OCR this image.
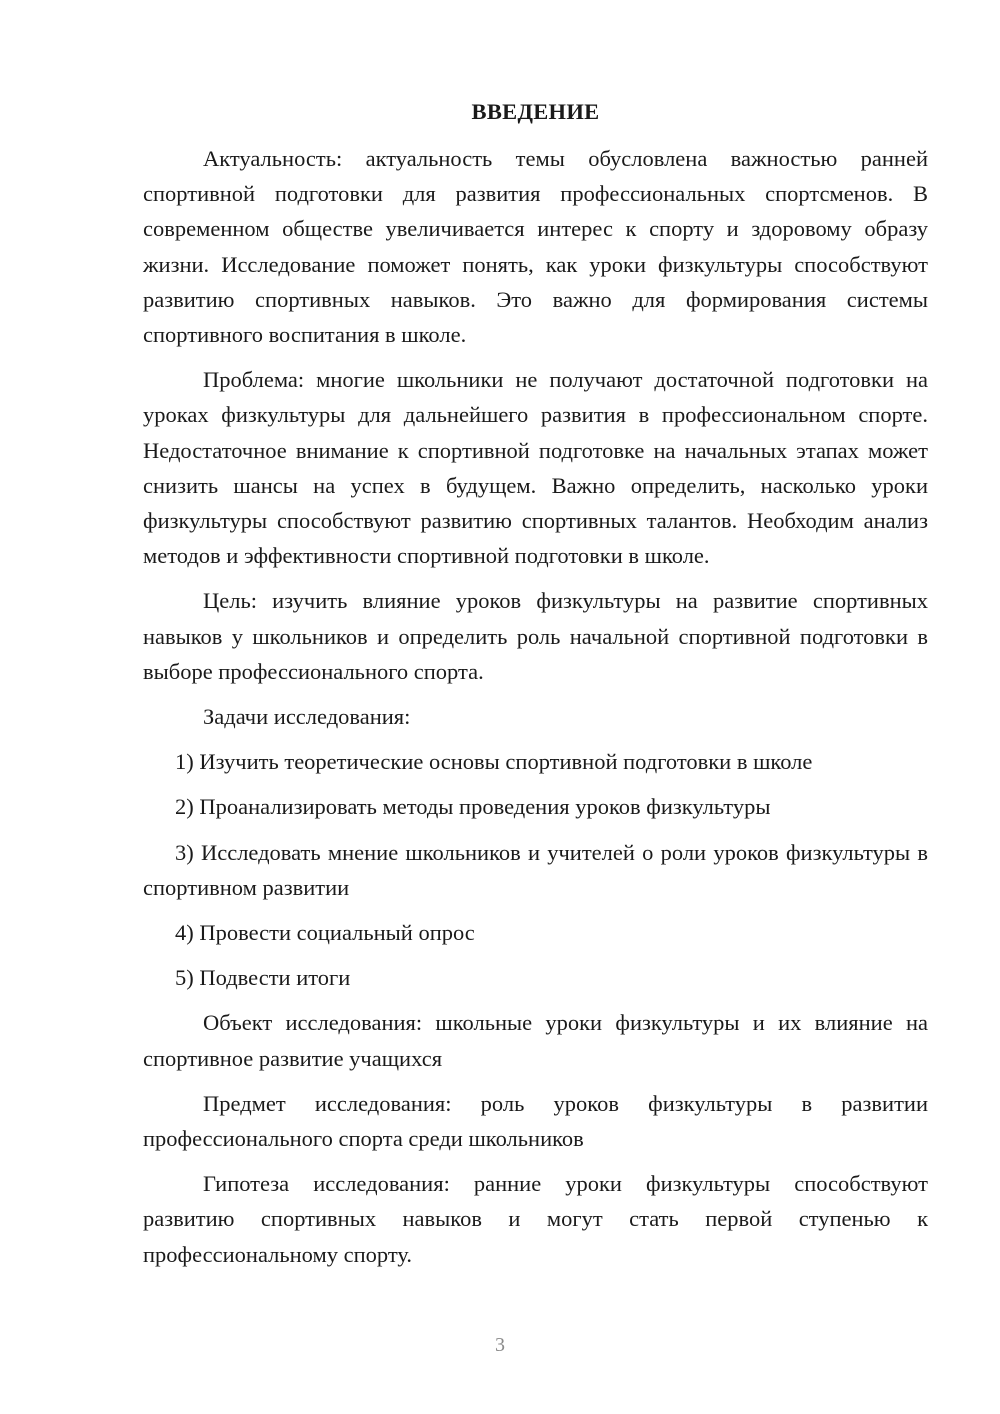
ВВЕДЕНИЕ

Актуальность: актуальность темы обусловлена важностью ранней спортивной подготовки для развития профессиональных спортсменов. В современном обществе увеличивается интерес к спорту и здоровому образу жизни. Исследование поможет понять, как уроки физкультуры способствуют развитию спортивных навыков. Это важно для формирования системы спортивного воспитания в школе.

Проблема: многие школьники не получают достаточной подготовки на уроках физкультуры для дальнейшего развития в профессиональном спорте. Недостаточное внимание к спортивной подготовке на начальных этапах может снизить шансы на успех в будущем. Важно определить, насколько уроки физкультуры способствуют развитию спортивных талантов. Необходим анализ методов и эффективности спортивной подготовки в школе.

Цель: изучить влияние уроков физкультуры на развитие спортивных навыков у школьников и определить роль начальной спортивной подготовки в выборе профессионального спорта.

Задачи исследования:

1) Изучить теоретические основы спортивной подготовки в школе

2) Проанализировать методы проведения уроков физкультуры

3) Исследовать мнение школьников и учителей о роли уроков физкультуры в спортивном развитии

4) Провести социальный опрос

5) Подвести итоги

Объект исследования: школьные уроки физкультуры и их влияние на спортивное развитие учащихся

Предмет исследования: роль уроков физкультуры в развитии профессионального спорта среди школьников

Гипотеза исследования: ранние уроки физкультуры способствуют развитию спортивных навыков и могут стать первой ступенью к профессиональному спорту.

3
